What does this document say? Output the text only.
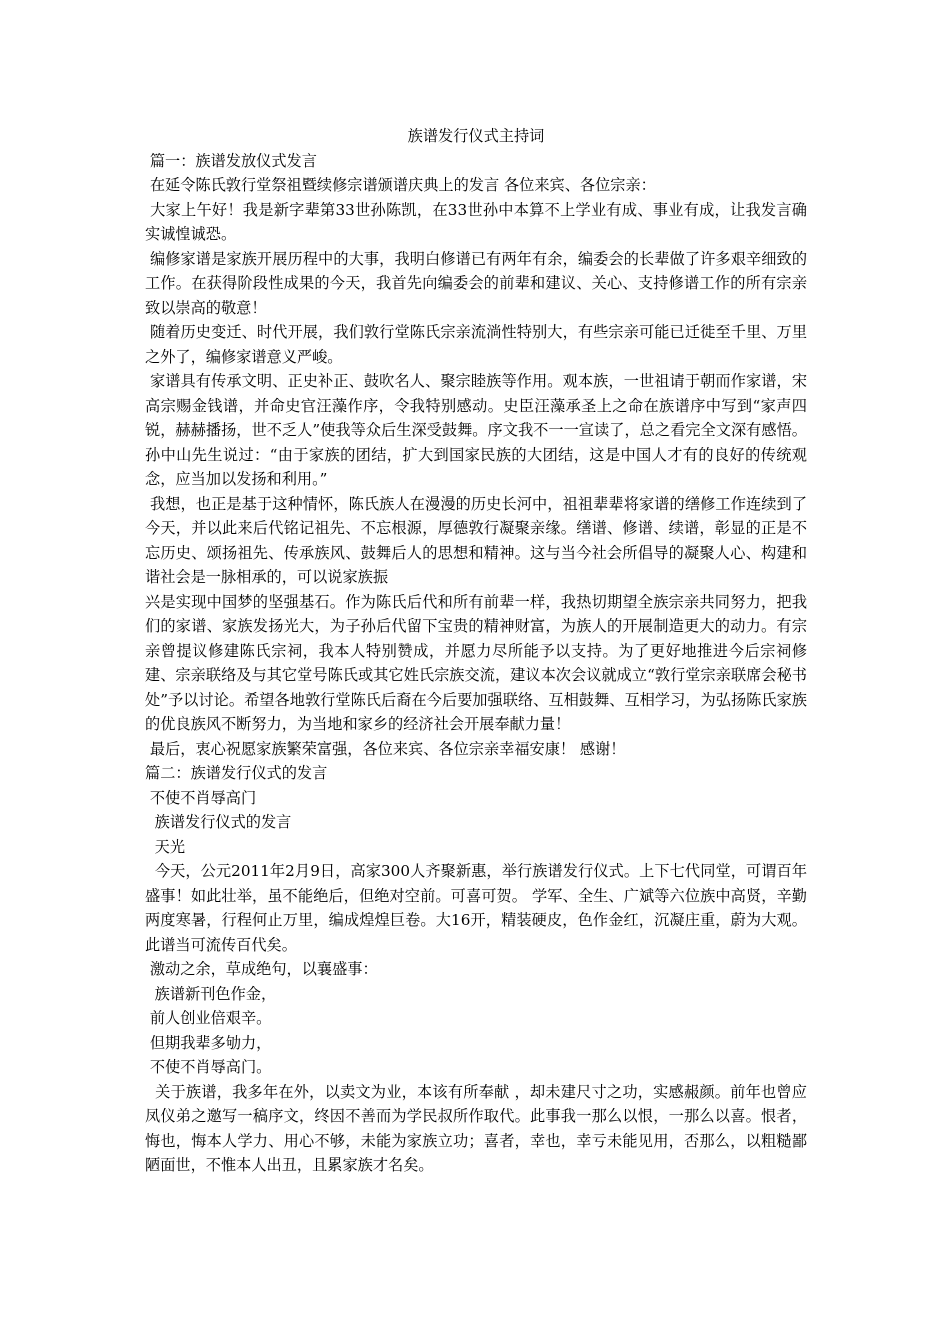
族谱发行仪式主持词

篇一：族谱发放仪式发言

在延令陈氏敦行堂祭祖暨续修宗谱颁谱庆典上的发言 各位来宾、各位宗亲：

大家上午好！我是新字辈第33世孙陈凯，在33世孙中本算不上学业有成、事业有成，让我发言确实诚惶诚恐。

编修家谱是家族开展历程中的大事，我明白修谱已有两年有余，编委会的长辈做了许多艰辛细致的工作。在获得阶段性成果的今天，我首先向编委会的前辈和建议、关心、支持修谱工作的所有宗亲致以崇高的敬意！

随着历史变迁、时代开展，我们敦行堂陈氏宗亲流淌性特别大，有些宗亲可能已迁徙至千里、万里之外了，编修家谱意义严峻。

家谱具有传承文明、正史补正、鼓吹名人、聚宗睦族等作用。观本族，一世祖请于朝而作家谱，宋高宗赐金钱谱，并命史官汪藻作序，令我特别感动。史臣汪藻承圣上之命在族谱序中写到“家声四锐，赫赫播扬，世不乏人”使我等众后生深受鼓舞。序文我不一一宣读了，总之看完全文深有感悟。孙中山先生说过：“由于家族的团结，扩大到国家民族的大团结，这是中国人才有的良好的传统观念，应当加以发扬和利用。”

我想，也正是基于这种情怀，陈氏族人在漫漫的历史长河中，祖祖辈辈将家谱的缮修工作连续到了今天，并以此来后代铭记祖先、不忘根源，厚德敦行凝聚亲缘。缮谱、修谱、续谱，彰显的正是不忘历史、颂扬祖先、传承族风、鼓舞后人的思想和精神。这与当今社会所倡导的凝聚人心、构建和谐社会是一脉相承的，可以说家族振

兴是实现中国梦的坚强基石。作为陈氏后代和所有前辈一样，我热切期望全族宗亲共同努力，把我们的家谱、家族发扬光大，为子孙后代留下宝贵的精神财富，为族人的开展制造更大的动力。有宗亲曾提议修建陈氏宗祠，我本人特别赞成，并愿力尽所能予以支持。为了更好地推进今后宗祠修建、宗亲联络及与其它堂号陈氏或其它姓氏宗族交流，建议本次会议就成立“敦行堂宗亲联席会秘书处”予以讨论。希望各地敦行堂陈氏后裔在今后要加强联络、互相鼓舞、互相学习，为弘扬陈氏家族的优良族风不断努力，为当地和家乡的经济社会开展奉献力量！

最后，衷心祝愿家族繁荣富强，各位来宾、各位宗亲幸福安康！ 感谢！

篇二：族谱发行仪式的发言

不使不肖辱高门

族谱发行仪式的发言

天光

今天，公元2011年2月9日，高家300人齐聚新惠，举行族谱发行仪式。上下七代同堂，可谓百年盛事！如此壮举，虽不能绝后，但绝对空前。可喜可贺。 学军、全生、广斌等六位族中高贤，辛勤两度寒暑，行程何止万里，编成煌煌巨卷。大16开，精装硬皮，色作金红，沉凝庄重，蔚为大观。此谱当可流传百代矣。

激动之余，草成绝句，以襄盛事：

族谱新刊色作金，

前人创业倍艰辛。

但期我辈多劬力，

不使不肖辱高门。

关于族谱，我多年在外，以卖文为业，本该有所奉献 ，却未建尺寸之功，实感赧颜。前年也曾应凤仪弟之邀写一稿序文，终因不善而为学民叔所作取代。此事我一那么以恨，一那么以喜。恨者，悔也，悔本人学力、用心不够，未能为家族立功；喜者，幸也，幸亏未能见用，否那么，以粗糙鄙陋面世，不惟本人出丑，且累家族才名矣。
